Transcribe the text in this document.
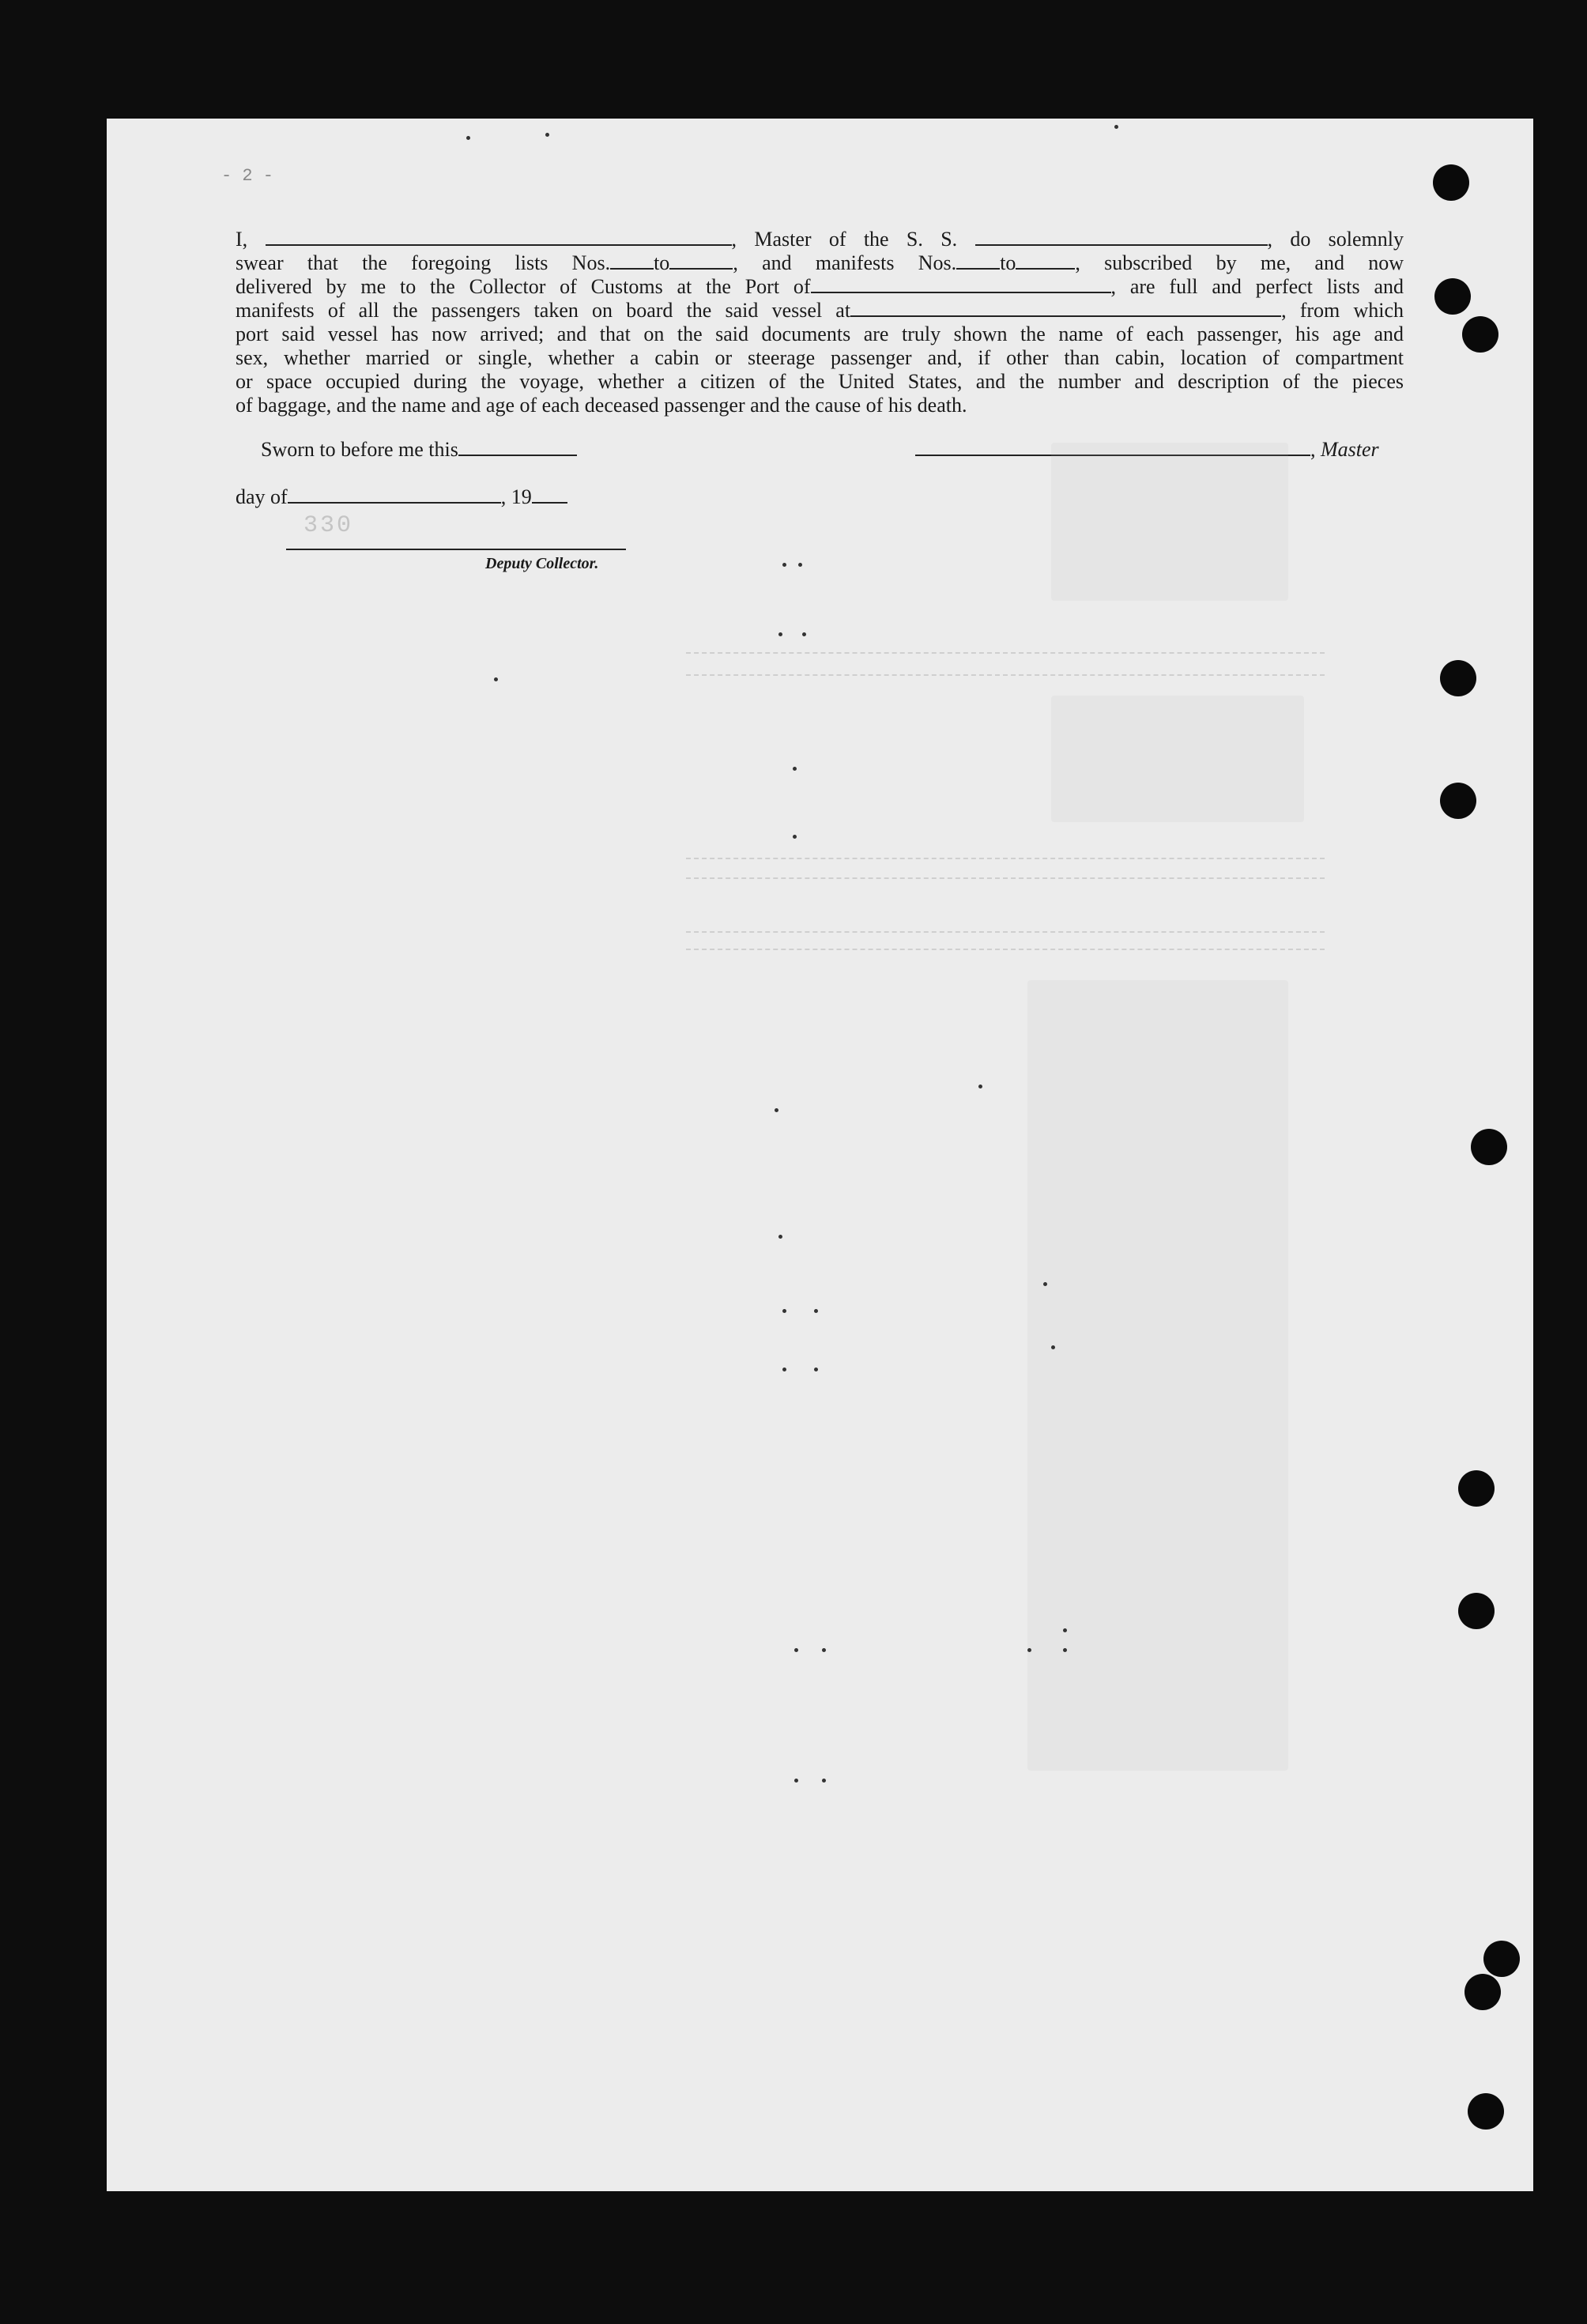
- 2 -
I,	, Master of the S. S.	, do solemnly
swear that the foregoing lists Nos. to	, and manifests Nos. to	, subscribed by me, and now
delivered by me to the Collector of Customs at the Port of	, are full and perfect lists and
manifests of all the passengers taken on board the said vessel at	, from which
port said vessel has now arrived; and that on the said documents are truly shown the name of each passenger, his age and
sex, whether married or single, whether a cabin or steerage passenger and, if other than cabin, location of compartment
or space occupied during the voyage, whether a citizen of the United States, and the number and description of the pieces
of baggage, and the name and age of each deceased passenger and the cause of his death.
Sworn to before me this
day of	, 19
, Master
330
Deputy Collector.
